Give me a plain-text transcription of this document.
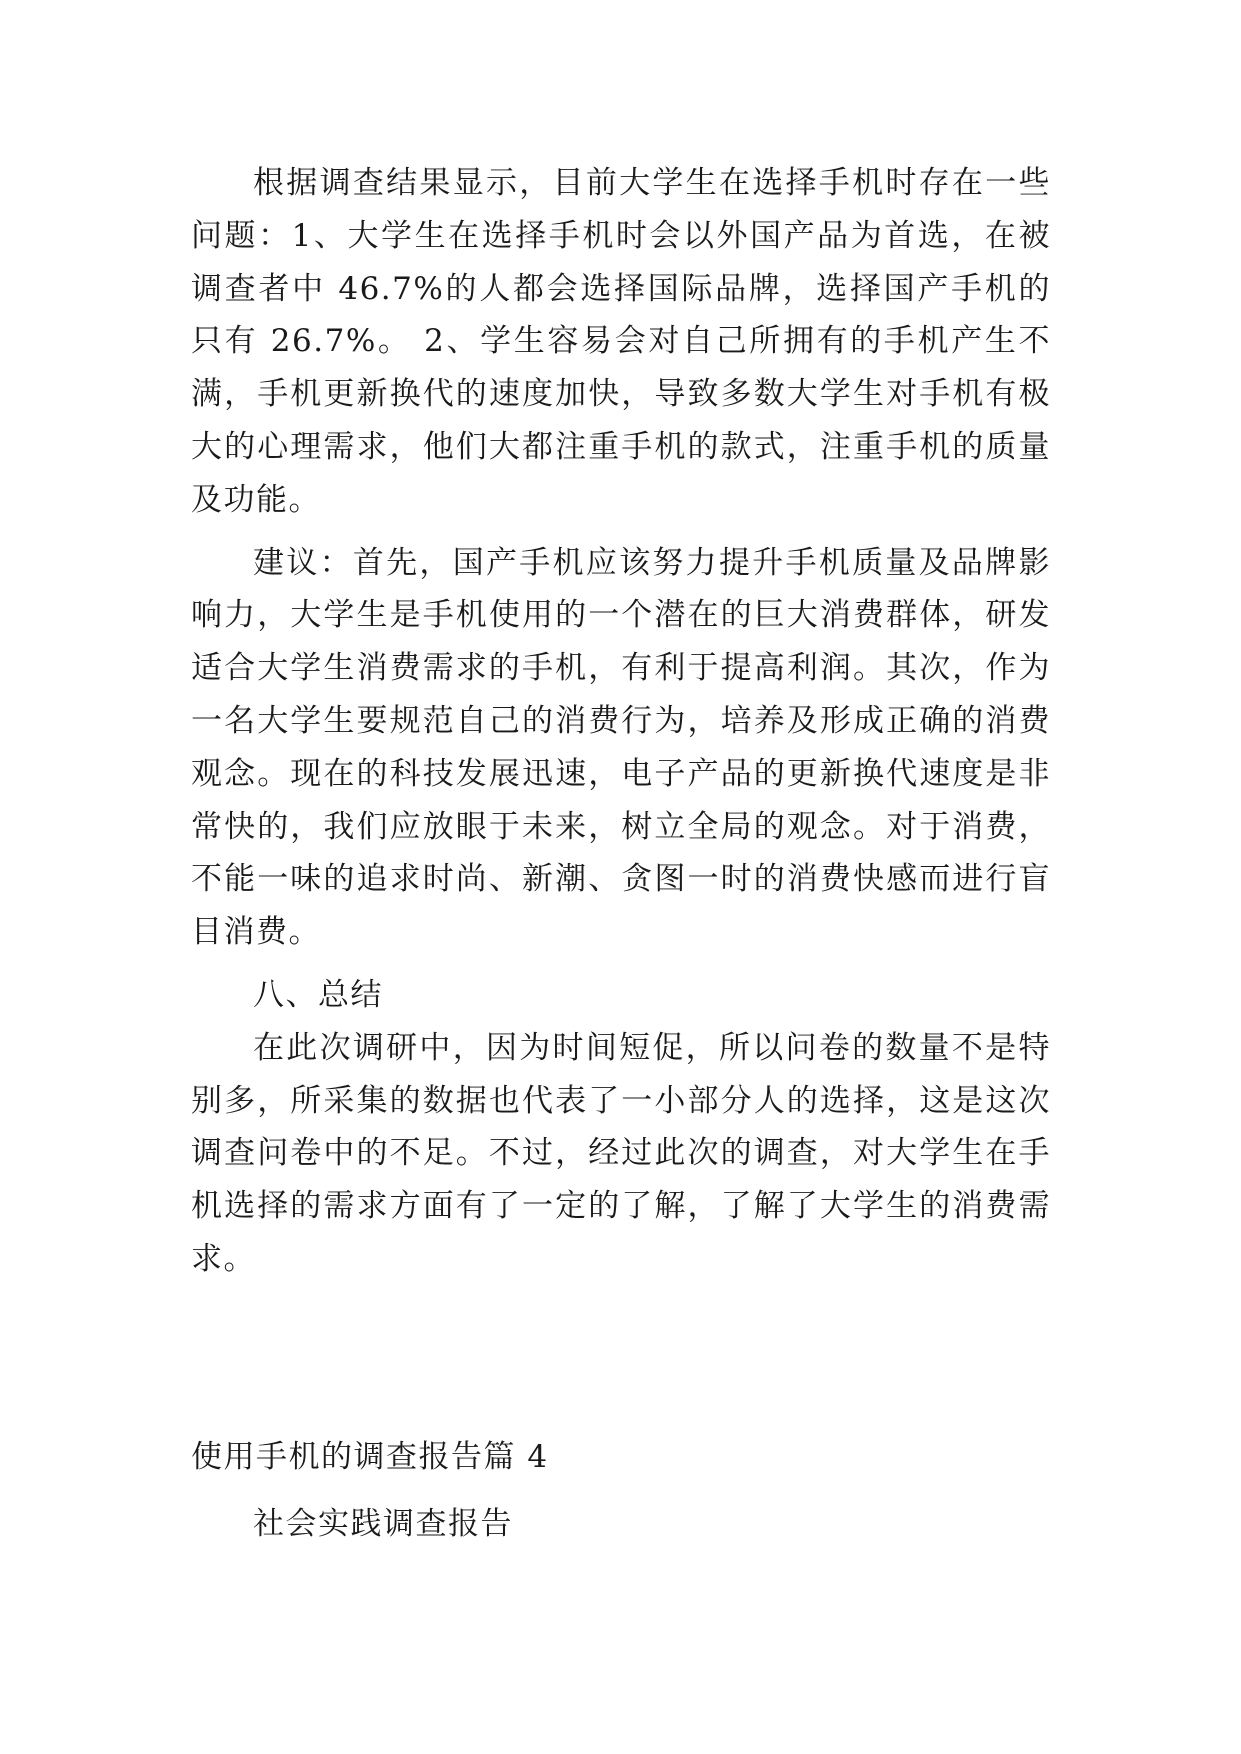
根据调查结果显示，目前大学生在选择手机时存在一些问题：1、大学生在选择手机时会以外国产品为首选，在被调查者中 46.7%的人都会选择国际品牌，选择国产手机的只有 26.7%。 2、学生容易会对自己所拥有的手机产生不满，手机更新换代的速度加快，导致多数大学生对手机有极大的心理需求，他们大都注重手机的款式，注重手机的质量及功能。

建议：首先，国产手机应该努力提升手机质量及品牌影响力，大学生是手机使用的一个潜在的巨大消费群体，研发适合大学生消费需求的手机，有利于提高利润。其次，作为一名大学生要规范自己的消费行为，培养及形成正确的消费观念。现在的科技发展迅速，电子产品的更新换代速度是非常快的，我们应放眼于未来，树立全局的观念。对于消费，不能一味的追求时尚、新潮、贪图一时的消费快感而进行盲目消费。

八、总结

在此次调研中，因为时间短促，所以问卷的数量不是特别多，所采集的数据也代表了一小部分人的选择，这是这次调查问卷中的不足。不过，经过此次的调查，对大学生在手机选择的需求方面有了一定的了解，了解了大学生的消费需求。

使用手机的调查报告篇 4

社会实践调查报告
